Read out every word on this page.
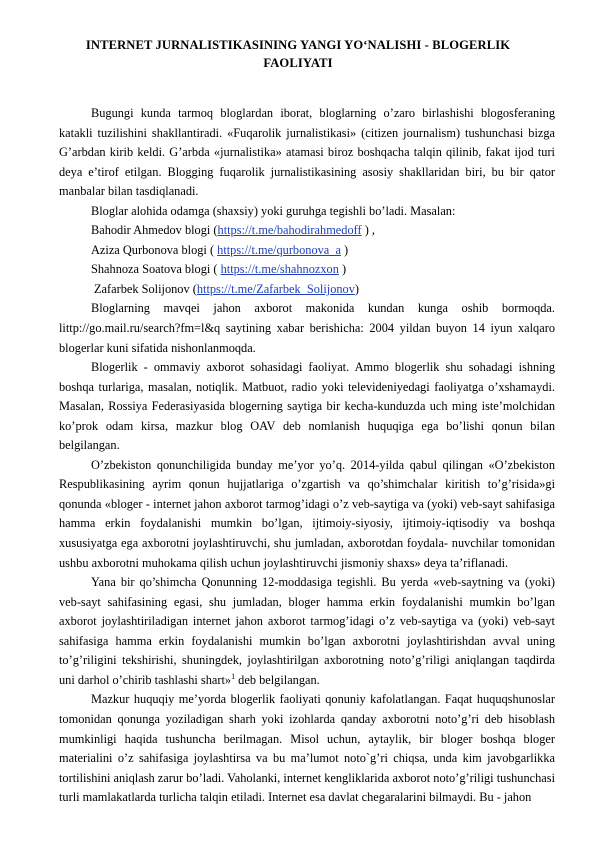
INTERNET JURNALISTIKASINING YANGI YO‘NALISHI - BLOGERLIK FAOLIYATI

Bugungi kunda tarmoq bloglardan iborat, bloglarning o’zaro birlashishi blogosferaning katakli tuzilishini shakllantiradi. «Fuqarolik jurnalistikasi» (citizen journalism) tushunchasi bizga G’arbdan kirib keldi. G’arbda «jurnalistika» atamasi biroz boshqacha talqin qilinib, fakat ijod turi deya e’tirof etilgan. Blogging fuqarolik jurnalistikasining asosiy shakllaridan biri, bu bir qator manbalar bilan tasdiqlanadi.

Bloglar alohida odamga (shaxsiy) yoki guruhga tegishli bo’ladi. Masalan:

Bahodir Ahmedov blogi (https://t.me/bahodirahmedoff ) ,

Aziza Qurbonova blogi ( https://t.me/qurbonova_a )

Shahnoza Soatova blogi ( https://t.me/shahnozxon )

Zafarbek Solijonov (https://t.me/Zafarbek_Solijonov)

Bloglarning mavqei jahon axborot makonida kundan kunga oshib bormoqda. littp://go.mail.ru/search?fm=l&q saytining xabar berishicha: 2004 yildan buyon 14 iyun xalqaro blogerlar kuni sifatida nishonlanmoqda.

Blogerlik - ommaviy axborot sohasidagi faoliyat. Ammo blogerlik shu sohadagi ishning boshqa turlariga, masalan, notiqlik. Matbuot, radio yoki televideniyedagi faoliyatga o’xshamaydi. Masalan, Rossiya Federasiyasida blogerning saytiga bir kecha-kunduzda uch ming iste’molchidan ko’prok odam kirsa, mazkur blog OAV deb nomlanish huquqiga ega bo’lishi qonun bilan belgilangan.

O’zbekiston qonunchiligida bunday me’yor yo’q. 2014-yilda qabul qilingan «O’zbekiston Respublikasining ayrim qonun hujjatlariga o’zgartish va qo’shimchalar kiritish to’g’risida»gi qonunda «bloger - internet jahon axborot tarmog’idagi o’z veb-saytiga va (yoki) veb-sayt sahifasiga hamma erkin foydalanishi mumkin bo’lgan, ijtimoiy-siyosiy, ijtimoiy-iqtisodiy va boshqa xususiyatga ega axborotni joylashtiruvchi, shu jumladan, axborotdan foydala- nuvchilar tomonidan ushbu axborotni muhokama qilish uchun joylashtiruvchi jismoniy shaxs» deya ta’riflanadi.

Yana bir qo’shimcha Qonunning 12-moddasiga tegishli. Bu yerda «veb-saytning va (yoki) veb-sayt sahifasining egasi, shu jumladan, bloger hamma erkin foydalanishi mumkin bo’lgan axborot joylashtiriladigan internet jahon axborot tarmog’idagi o’z veb-saytiga va (yoki) veb-sayt sahifasiga hamma erkin foydalanishi mumkin bo’lgan axborotni joylashtirishdan avval uning to’g’riligini tekshirishi, shuningdek, joylashtirilgan axborotning noto’g’riligi aniqlangan taqdirda uni darhol o’chirib tashlashi shart»$^1$ deb belgilangan.

Mazkur huquqiy me’yorda blogerlik faoliyati qonuniy kafolatlangan. Faqat huquqshunoslar tomonidan qonunga yoziladigan sharh yoki izohlarda qanday axborotni noto’g’ri deb hisoblash mumkinligi haqida tushuncha berilmagan. Misol uchun, aytaylik, bir bloger boshqa bloger materialini o’z sahifasiga joylashtirsa va bu ma’lumot noto`g’ri chiqsa, unda kim javobgarlikka tortilishini aniqlash zarur bo’ladi. Vaholanki, internet kengliklarida axborot noto’g’riligi tushunchasi turli mamlakatlarda turlicha talqin etiladi. Internet esa davlat chegaralarini bilmaydi. Bu - jahon
